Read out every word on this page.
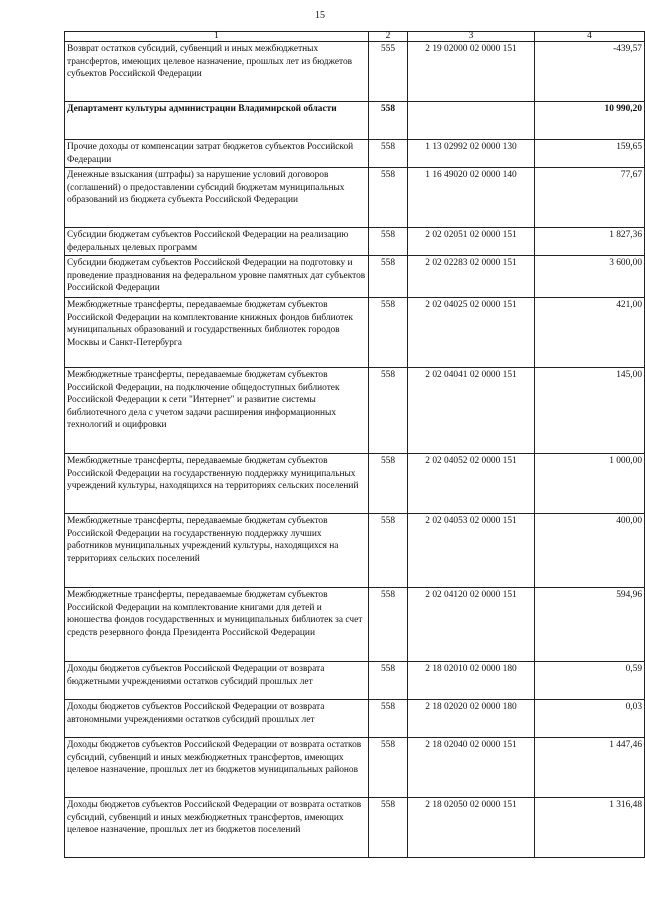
15
1	2	3	4
Возврат остатков субсидий, субвенций и иных межбюджетных трансфертов, имеющих целевое назначение, прошлых лет из бюджетов субъектов Российской Федерации	555	2 19 02000 02 0000 151	-439,57
Департамент культуры администрации Владимирской области	558		10 990,20
Прочие доходы от компенсации затрат бюджетов субъектов Российской Федерации	558	1 13 02992 02 0000 130	159,65
Денежные взыскания (штрафы) за нарушение условий договоров (соглашений) о предоставлении субсидий бюджетам муниципальных образований из бюджета субъекта Российской Федерации	558	1 16 49020 02 0000 140	77,67
Субсидии бюджетам субъектов Российской Федерации на реализацию федеральных целевых программ	558	2 02 02051 02 0000 151	1 827,36
Субсидии бюджетам субъектов Российской Федерации на подготовку и проведение празднования на федеральном уровне памятных дат субъектов Российской Федерации	558	2 02 02283 02 0000 151	3 600,00
Межбюджетные трансферты, передаваемые бюджетам субъектов Российской Федерации на комплектование книжных фондов библиотек муниципальных образований и государственных библиотек городов Москвы и Санкт-Петербурга	558	2 02 04025 02 0000 151	421,00
Межбюджетные трансферты, передаваемые бюджетам субъектов Российской Федерации, на подключение общедоступных библиотек Российской Федерации к сети "Интернет" и развитие системы библиотечного дела с учетом задачи расширения информационных технологий и оцифровки	558	2 02 04041 02 0000 151	145,00
Межбюджетные трансферты, передаваемые бюджетам субъектов Российской Федерации на государственную поддержку муниципальных учреждений культуры, находящихся на территориях сельских поселений	558	2 02 04052 02 0000 151	1 000,00
Межбюджетные трансферты, передаваемые бюджетам субъектов Российской Федерации на государственную поддержку лучших работников муниципальных учреждений культуры, находящихся на территориях сельских поселений	558	2 02 04053 02 0000 151	400,00
Межбюджетные трансферты, передаваемые бюджетам субъектов Российской Федерации на комплектование книгами для детей и юношества фондов государственных и муниципальных библиотек за счет средств резервного фонда Президента Российской Федерации	558	2 02 04120 02 0000 151	594,96
Доходы бюджетов субъектов Российской Федерации от возврата бюджетными учреждениями остатков субсидий прошлых лет	558	2 18 02010 02 0000 180	0,59
Доходы бюджетов субъектов Российской Федерации от возврата автономными учреждениями остатков субсидий прошлых лет	558	2 18 02020 02 0000 180	0,03
Доходы бюджетов субъектов Российской Федерации от возврата остатков субсидий, субвенций и иных межбюджетных трансфертов, имеющих целевое назначение, прошлых лет из бюджетов муниципальных районов	558	2 18 02040 02 0000 151	1 447,46
Доходы бюджетов субъектов Российской Федерации от возврата остатков субсидий, субвенций и иных межбюджетных трансфертов, имеющих целевое назначение, прошлых лет из бюджетов поселений	558	2 18 02050 02 0000 151	1 316,48
